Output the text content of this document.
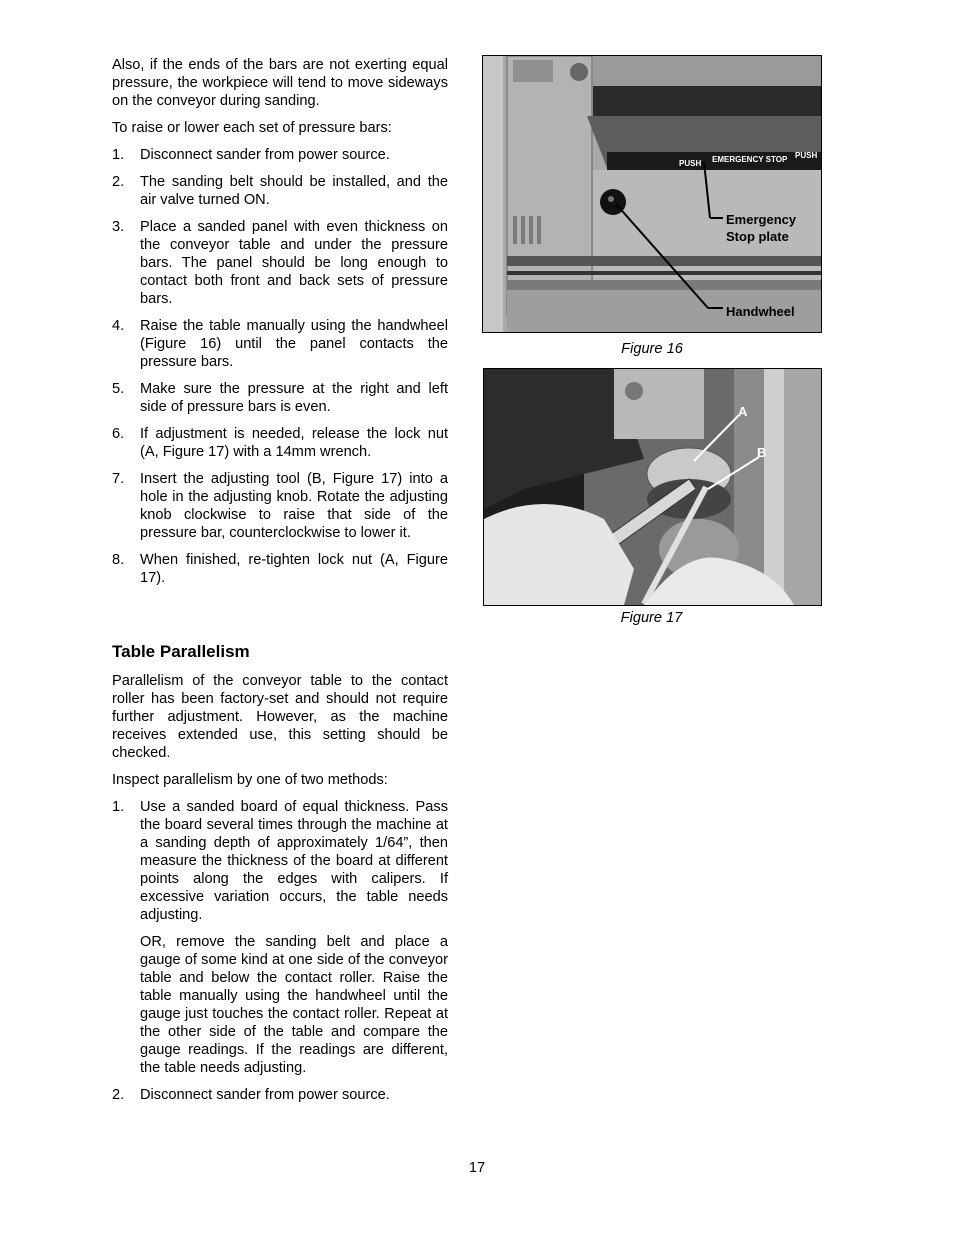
Also, if the ends of the bars are not exerting equal pressure, the workpiece will tend to move sideways on the conveyor during sanding.

To raise or lower each set of pressure bars:

1.	Disconnect sander from power source.
2.	The sanding belt should be installed, and the air valve turned ON.
3.	Place a sanded panel with even thickness on the conveyor table and under the pressure bars. The panel should be long enough to contact both front and back sets of pressure bars.
4.	Raise the table manually using the handwheel (Figure 16) until the panel contacts the pressure bars.
5.	Make sure the pressure at the right and left side of pressure bars is even.
6.	If adjustment is needed, release the lock nut (A, Figure 17) with a 14mm wrench.
7.	Insert the adjusting tool (B, Figure 17) into a hole in the adjusting knob. Rotate the adjusting knob clockwise to raise that side of the pressure bar, counterclockwise to lower it.
8.	When finished, re-tighten lock nut (A, Figure 17).
Table Parallelism

Parallelism of the conveyor table to the contact roller has been factory-set and should not require further adjustment. However, as the machine receives extended use, this setting should be checked.

Inspect parallelism by one of two methods:

1.	Use a sanded board of equal thickness. Pass the board several times through the machine at a sanding depth of approximately 1/64”, then measure the thickness of the board at different points along the edges with calipers. If excessive variation occurs, the table needs adjusting.

OR, remove the sanding belt and place a gauge of some kind at one side of the conveyor table and below the contact roller. Raise the table manually using the handwheel until the gauge just touches the contact roller. Repeat at the other side of the table and compare the gauge readings. If the readings are different, the table needs adjusting.

2.	Disconnect sander from power source.
PUSH EMERGENCY STOP PUSH
Emergency
Stop plate
Handwheel
Figure 16
A
B
Figure 17
17
